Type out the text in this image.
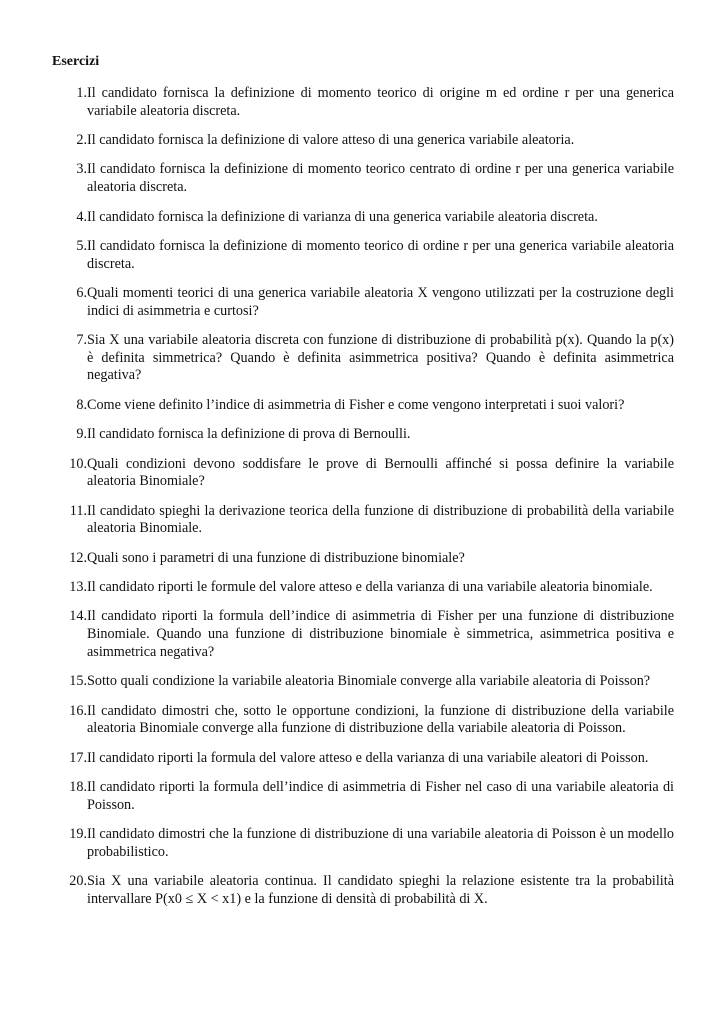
Esercizi
1. Il candidato fornisca la definizione di momento teorico di origine m ed ordine r per una generica variabile aleatoria discreta.
2. Il candidato fornisca la definizione di valore atteso di una generica variabile aleatoria.
3. Il candidato fornisca la definizione di momento teorico centrato di ordine r per una generica variabile aleatoria discreta.
4. Il candidato fornisca la definizione di varianza di una generica variabile aleatoria discreta.
5. Il candidato fornisca la definizione di momento teorico di ordine r per una generica variabile aleatoria discreta.
6. Quali momenti teorici di una generica variabile aleatoria X vengono utilizzati per la costruzione degli indici di asimmetria e curtosi?
7. Sia X una variabile aleatoria discreta con funzione di distribuzione di probabilità p(x). Quando la p(x) è definita simmetrica? Quando è definita asimmetrica positiva? Quando è definita asimmetrica negativa?
8. Come viene definito l’indice di asimmetria di Fisher e come vengono interpretati i suoi valori?
9. Il candidato fornisca la definizione di prova di Bernoulli.
10. Quali condizioni devono soddisfare le prove di Bernoulli affinché si possa definire la variabile aleatoria Binomiale?
11. Il candidato spieghi la derivazione teorica della funzione di distribuzione di probabilità della variabile aleatoria Binomiale.
12. Quali sono i parametri di una funzione di distribuzione binomiale?
13. Il candidato riporti le formule del valore atteso e della varianza di una variabile aleatoria binomiale.
14. Il candidato riporti la formula dell’indice di asimmetria di Fisher per una funzione di distribuzione Binomiale. Quando una funzione di distribuzione binomiale è simmetrica, asimmetrica positiva e asimmetrica negativa?
15. Sotto quali condizione la variabile aleatoria Binomiale converge alla variabile aleatoria di Poisson?
16. Il candidato dimostri che, sotto le opportune condizioni, la funzione di distribuzione della variabile aleatoria Binomiale converge alla funzione di distribuzione della variabile aleatoria di Poisson.
17. Il candidato riporti la formula del valore atteso e della varianza di una variabile aleatori di Poisson.
18. Il candidato riporti la formula dell’indice di asimmetria di Fisher nel caso di una variabile aleatoria di Poisson.
19. Il candidato dimostri che la funzione di distribuzione di una variabile aleatoria di Poisson è un modello probabilistico.
20. Sia X una variabile aleatoria continua. Il candidato spieghi la relazione esistente tra la probabilità intervallare P(x0 ≤ X < x1) e la funzione di densità di probabilità di X.
